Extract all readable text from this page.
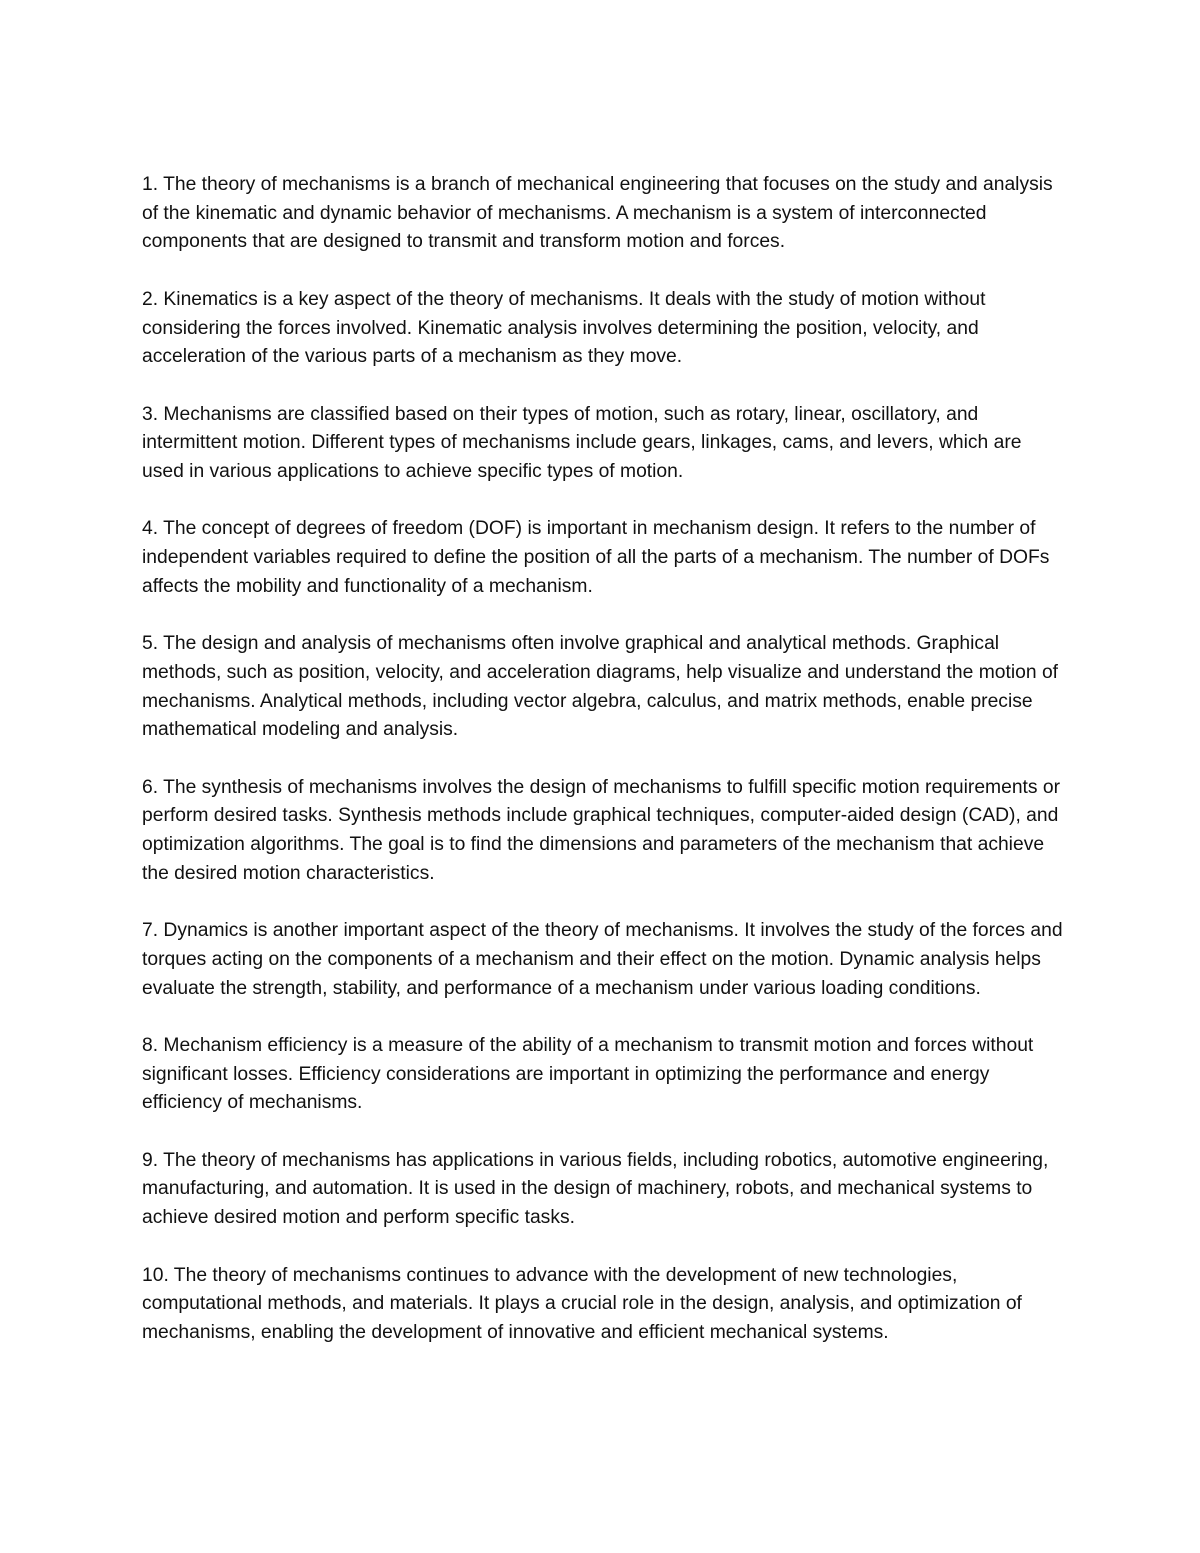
1. The theory of mechanisms is a branch of mechanical engineering that focuses on the study and analysis of the kinematic and dynamic behavior of mechanisms. A mechanism is a system of interconnected components that are designed to transmit and transform motion and forces.

2. Kinematics is a key aspect of the theory of mechanisms. It deals with the study of motion without considering the forces involved. Kinematic analysis involves determining the position, velocity, and acceleration of the various parts of a mechanism as they move.

3. Mechanisms are classified based on their types of motion, such as rotary, linear, oscillatory, and intermittent motion. Different types of mechanisms include gears, linkages, cams, and levers, which are used in various applications to achieve specific types of motion.

4. The concept of degrees of freedom (DOF) is important in mechanism design. It refers to the number of independent variables required to define the position of all the parts of a mechanism. The number of DOFs affects the mobility and functionality of a mechanism.

5. The design and analysis of mechanisms often involve graphical and analytical methods. Graphical methods, such as position, velocity, and acceleration diagrams, help visualize and understand the motion of mechanisms. Analytical methods, including vector algebra, calculus, and matrix methods, enable precise mathematical modeling and analysis.

6. The synthesis of mechanisms involves the design of mechanisms to fulfill specific motion requirements or perform desired tasks. Synthesis methods include graphical techniques, computer-aided design (CAD), and optimization algorithms. The goal is to find the dimensions and parameters of the mechanism that achieve the desired motion characteristics.

7. Dynamics is another important aspect of the theory of mechanisms. It involves the study of the forces and torques acting on the components of a mechanism and their effect on the motion. Dynamic analysis helps evaluate the strength, stability, and performance of a mechanism under various loading conditions.

8. Mechanism efficiency is a measure of the ability of a mechanism to transmit motion and forces without significant losses. Efficiency considerations are important in optimizing the performance and energy efficiency of mechanisms.

9. The theory of mechanisms has applications in various fields, including robotics, automotive engineering, manufacturing, and automation. It is used in the design of machinery, robots, and mechanical systems to achieve desired motion and perform specific tasks.

10. The theory of mechanisms continues to advance with the development of new technologies, computational methods, and materials. It plays a crucial role in the design, analysis, and optimization of mechanisms, enabling the development of innovative and efficient mechanical systems.
